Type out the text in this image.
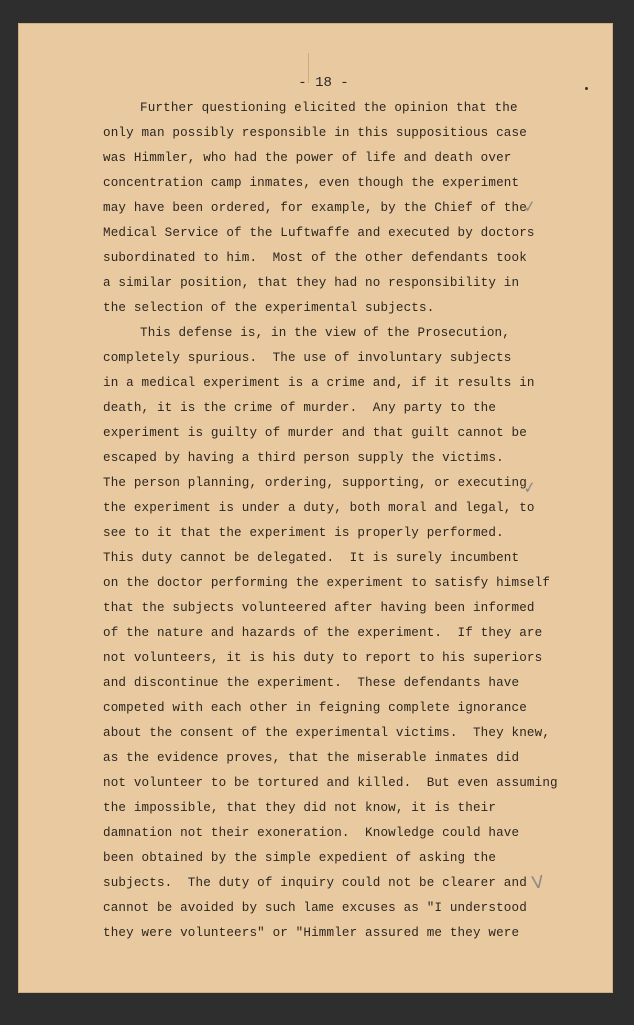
- 18 -
Further questioning elicited the opinion that the
only man possibly responsible in this suppositious case
was Himmler, who had the power of life and death over
concentration camp inmates, even though the experiment
may have been ordered, for example, by the Chief of the
Medical Service of the Luftwaffe and executed by doctors
subordinated to him.  Most of the other defendants took
a similar position, that they had no responsibility in
the selection of the experimental subjects.
This defense is, in the view of the Prosecution,
completely spurious.  The use of involuntary subjects
in a medical experiment is a crime and, if it results in
death, it is the crime of murder.  Any party to the
experiment is guilty of murder and that guilt cannot be
escaped by having a third person supply the victims.
The person planning, ordering, supporting, or executing
the experiment is under a duty, both moral and legal, to
see to it that the experiment is properly performed.
This duty cannot be delegated.  It is surely incumbent
on the doctor performing the experiment to satisfy himself
that the subjects volunteered after having been informed
of the nature and hazards of the experiment.  If they are
not volunteers, it is his duty to report to his superiors
and discontinue the experiment.  These defendants have
competed with each other in feigning complete ignorance
about the consent of the experimental victims.  They knew,
as the evidence proves, that the miserable inmates did
not volunteer to be tortured and killed.  But even assuming
the impossible, that they did not know, it is their
damnation not their exoneration.  Knowledge could have
been obtained by the simple expedient of asking the
subjects.  The duty of inquiry could not be clearer and
cannot be avoided by such lame excuses as "I understood
they were volunteers" or "Himmler assured me they were
✓
✓
V
